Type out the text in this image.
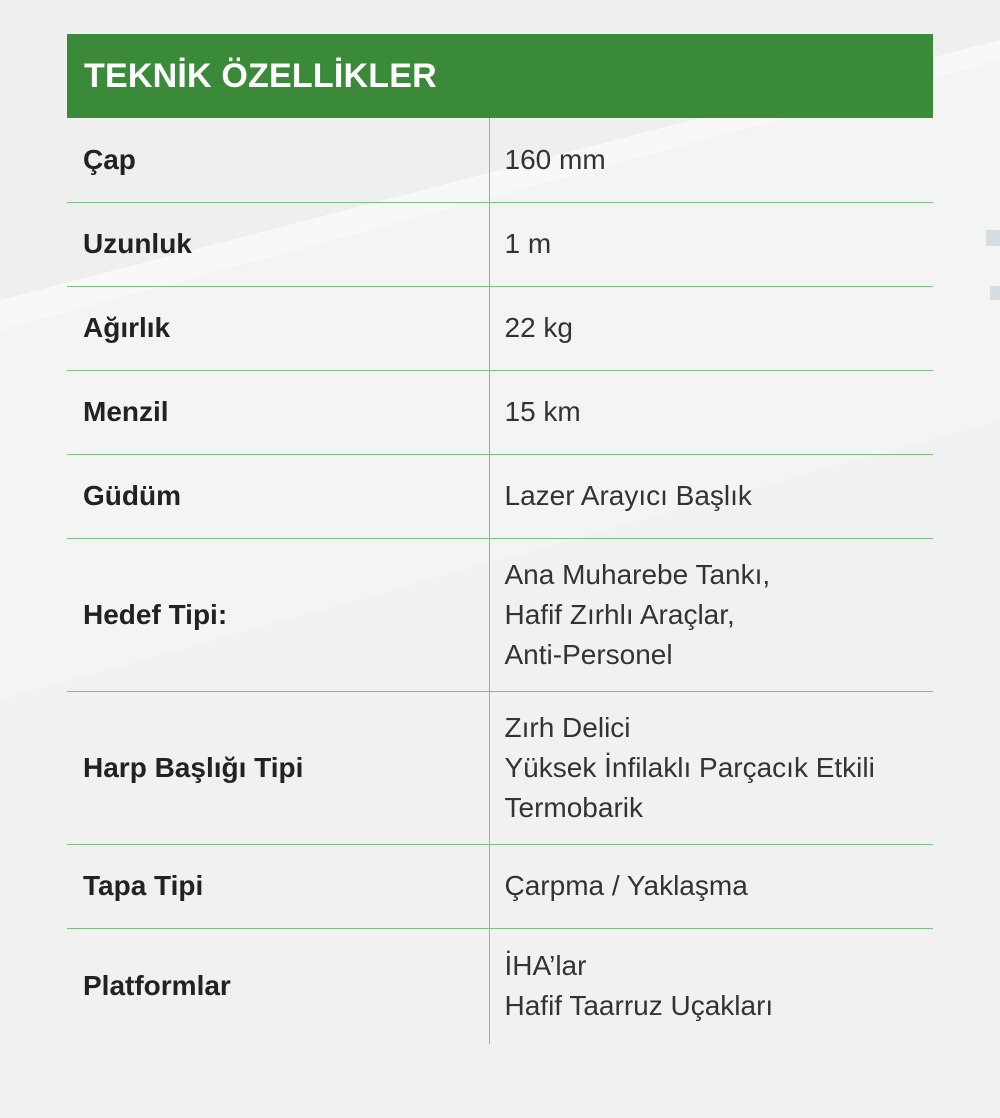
TEKNİK ÖZELLİKLER
Çap	160 mm

Uzunluk	1 m

Ağırlık	22 kg

Menzil	15 km

Güdüm	Lazer Arayıcı Başlık

Hedef Tipi:	Ana Muharebe Tankı,
Hafif Zırhlı Araçlar,
Anti-Personel

Harp Başlığı Tipi	Zırh Delici
Yüksek İnfilaklı Parçacık Etkili
Termobarik

Tapa Tipi	Çarpma / Yaklaşma

Platformlar	İHA’lar
Hafif Taarruz Uçakları
